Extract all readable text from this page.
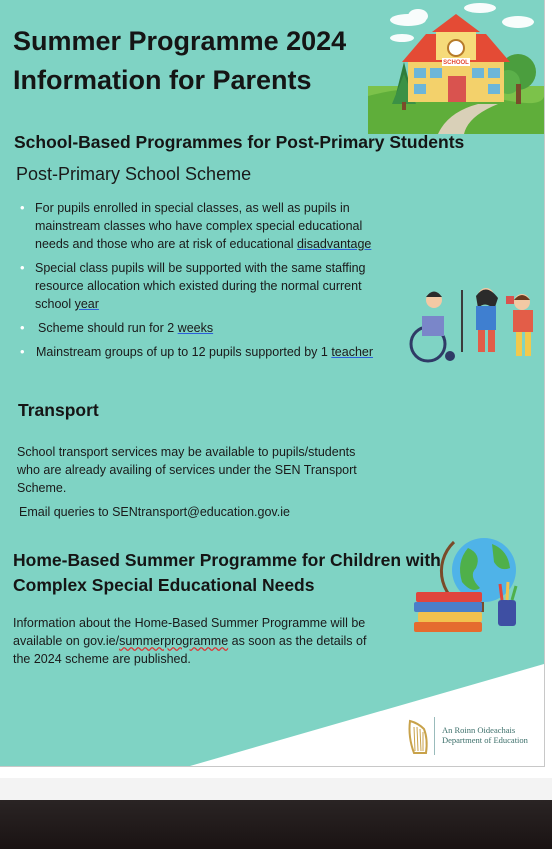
Summer Programme 2024
Information for Parents
SCHOOL
School-Based Programmes for Post-Primary Students

Post-Primary School Scheme

• For pupils enrolled in special classes, as well as pupils in mainstream classes who have complex special educational needs and those who are at risk of educational disadvantage
• Special class pupils will be supported with the same staffing resource allocation which existed during the normal current school year
• Scheme should run for 2 weeks
• Mainstream groups of up to 12 pupils supported by 1 teacher
Transport

School transport services may be available to pupils/students who are already availing of services under the SEN Transport Scheme.

Email queries to SENtransport@education.gov.ie

Home-Based Summer Programme for Children with
Complex Special Educational Needs

Information about the Home-Based Summer Programme will be available on gov.ie/summerprogramme as soon as the details of the 2024 scheme are published.

An Roinn Oideachais
Department of Education
